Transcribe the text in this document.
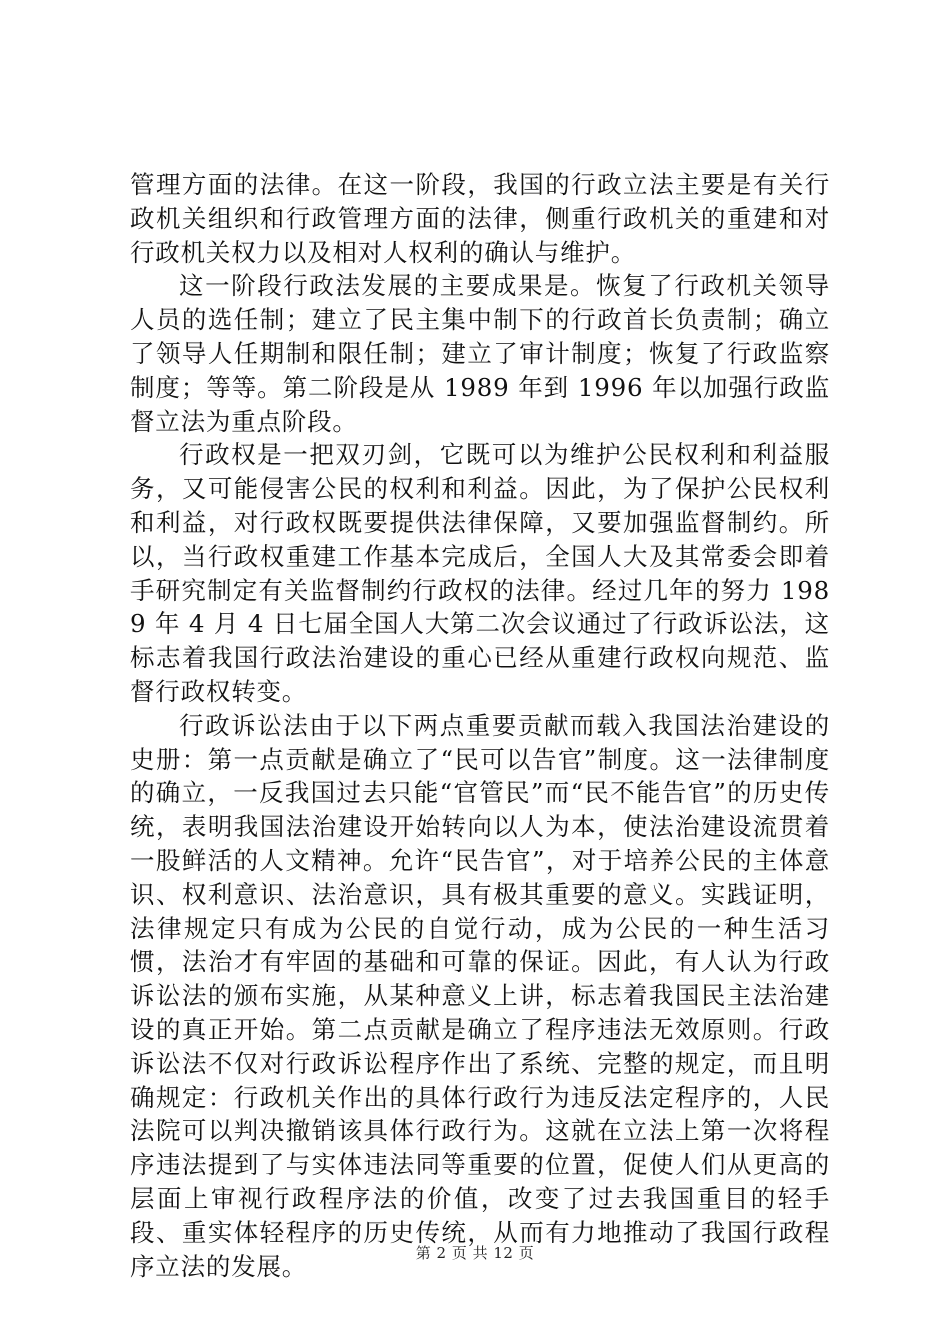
管理方面的法律。在这一阶段，我国的行政立法主要是有关行政机关组织和行政管理方面的法律，侧重行政机关的重建和对行政机关权力以及相对人权利的确认与维护。

这一阶段行政法发展的主要成果是。恢复了行政机关领导人员的选任制；建立了民主集中制下的行政首长负责制；确立了领导人任期制和限任制；建立了审计制度；恢复了行政监察制度；等等。第二阶段是从 1989 年到 1996 年以加强行政监督立法为重点阶段。

行政权是一把双刃剑，它既可以为维护公民权利和利益服务，又可能侵害公民的权利和利益。因此，为了保护公民权利和利益，对行政权既要提供法律保障，又要加强监督制约。所以，当行政权重建工作基本完成后，全国人大及其常委会即着手研究制定有关监督制约行政权的法律。经过几年的努力 1989 年 4 月 4 日七届全国人大第二次会议通过了行政诉讼法，这标志着我国行政法治建设的重心已经从重建行政权向规范、监督行政权转变。

行政诉讼法由于以下两点重要贡献而载入我国法治建设的史册：第一点贡献是确立了“民可以告官”制度。这一法律制度的确立，一反我国过去只能“官管民”而“民不能告官”的历史传统，表明我国法治建设开始转向以人为本，使法治建设流贯着一股鲜活的人文精神。允许“民告官”，对于培养公民的主体意识、权利意识、法治意识，具有极其重要的意义。实践证明，法律规定只有成为公民的自觉行动，成为公民的一种生活习惯，法治才有牢固的基础和可靠的保证。因此，有人认为行政诉讼法的颁布实施，从某种意义上讲，标志着我国民主法治建设的真正开始。第二点贡献是确立了程序违法无效原则。行政诉讼法不仅对行政诉讼程序作出了系统、完整的规定，而且明确规定：行政机关作出的具体行政行为违反法定程序的，人民法院可以判决撤销该具体行政行为。这就在立法上第一次将程序违法提到了与实体违法同等重要的位置，促使人们从更高的层面上审视行政程序法的价值，改变了过去我国重目的轻手段、重实体轻程序的历史传统，从而有力地推动了我国行政程序立法的发展。	第 2 页 共 12 页
